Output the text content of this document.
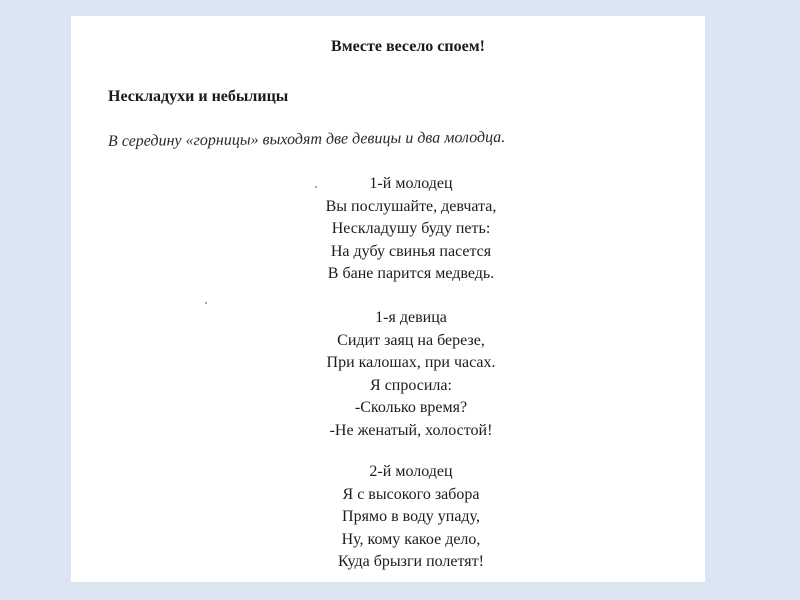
Вместе весело споем!
Нескладухи и небылицы
В середину «горницы» выходят две девицы и два молодца.
1-й молодец
Вы послушайте, девчата,
Нескладушу буду петь:
На дубу свинья пасется
В бане парится медведь.
1-я девица
Сидит заяц на березе,
При калошах, при часах.
Я спросила:
-Сколько время?
-Не женатый, холостой!
2-й молодец
Я с высокого забора
Прямо в воду упаду,
Ну, кому какое дело,
Куда брызги полетят!
